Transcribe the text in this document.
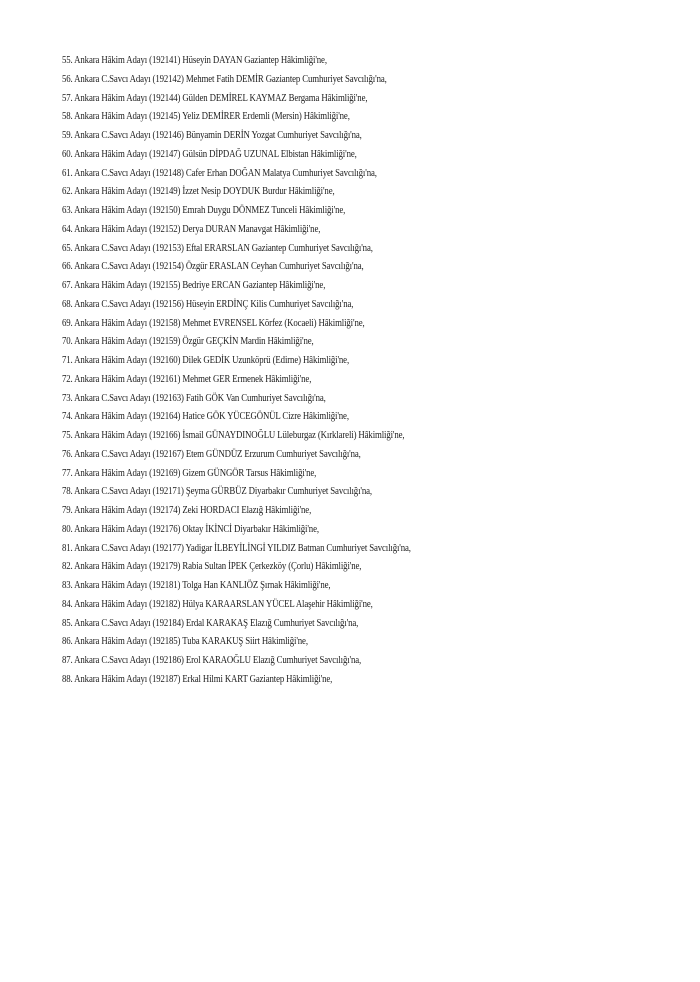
55. Ankara Hâkim Adayı (192141) Hüseyin DAYAN Gaziantep Hâkimliği'ne,
56. Ankara C.Savcı Adayı (192142) Mehmet Fatih DEMİR Gaziantep Cumhuriyet Savcılığı'na,
57. Ankara Hâkim Adayı (192144) Gülden DEMİREL KAYMAZ Bergama Hâkimliği'ne,
58. Ankara Hâkim Adayı (192145) Yeliz DEMİRER Erdemli (Mersin) Hâkimliği'ne,
59. Ankara C.Savcı Adayı (192146) Bünyamin DERİN Yozgat Cumhuriyet Savcılığı'na,
60. Ankara Hâkim Adayı (192147) Gülsün DİPDAĞ UZUNAL Elbistan Hâkimliği'ne,
61. Ankara C.Savcı Adayı (192148) Cafer Erhan DOĞAN Malatya Cumhuriyet Savcılığı'na,
62. Ankara Hâkim Adayı (192149) İzzet Nesip DOYDUK Burdur Hâkimliği'ne,
63. Ankara Hâkim Adayı (192150) Emrah Duygu DÖNMEZ Tunceli Hâkimliği'ne,
64. Ankara Hâkim Adayı (192152) Derya DURAN Manavgat Hâkimliği'ne,
65. Ankara C.Savcı Adayı (192153) Eftal ERARSLAN Gaziantep Cumhuriyet Savcılığı'na,
66. Ankara C.Savcı Adayı (192154) Özgür ERASLAN Ceyhan Cumhuriyet Savcılığı'na,
67. Ankara Hâkim Adayı (192155) Bedriye ERCAN Gaziantep Hâkimliği'ne,
68. Ankara C.Savcı Adayı (192156) Hüseyin ERDİNÇ Kilis Cumhuriyet Savcılığı'na,
69. Ankara Hâkim Adayı (192158) Mehmet EVRENSEL Körfez (Kocaeli) Hâkimliği'ne,
70. Ankara Hâkim Adayı (192159) Özgür GEÇKİN Mardin Hâkimliği'ne,
71. Ankara Hâkim Adayı (192160) Dilek GEDİK Uzunköprü (Edirne) Hâkimliği'ne,
72. Ankara Hâkim Adayı (192161) Mehmet GER Ermenek Hâkimliği'ne,
73. Ankara C.Savcı Adayı (192163) Fatih GÖK Van Cumhuriyet Savcılığı'na,
74. Ankara Hâkim Adayı (192164) Hatice GÖK YÜCEGÖNÜL Cizre Hâkimliği'ne,
75. Ankara Hâkim Adayı (192166) İsmail GÜNAYDINOĞLU Lüleburgaz (Kırklareli) Hâkimliği'ne,
76. Ankara C.Savcı Adayı (192167) Etem GÜNDÜZ Erzurum Cumhuriyet Savcılığı'na,
77. Ankara Hâkim Adayı (192169) Gizem GÜNGÖR Tarsus Hâkimliği'ne,
78. Ankara C.Savcı Adayı (192171) Şeyma GÜRBÜZ Diyarbakır Cumhuriyet Savcılığı'na,
79. Ankara Hâkim Adayı (192174) Zeki HORDACI Elazığ Hâkimliği'ne,
80. Ankara Hâkim Adayı (192176) Oktay İKİNCİ Diyarbakır Hâkimliği'ne,
81. Ankara C.Savcı Adayı (192177) Yadigar İLBEYİLİNGİ YILDIZ Batman Cumhuriyet Savcılığı'na,
82. Ankara Hâkim Adayı (192179) Rabia Sultan İPEK Çerkezköy (Çorlu) Hâkimliği'ne,
83. Ankara Hâkim Adayı (192181) Tolga Han KANLIÖZ Şırnak Hâkimliği'ne,
84. Ankara Hâkim Adayı (192182) Hülya KARAARSLAN YÜCEL Alaşehir Hâkimliği'ne,
85. Ankara C.Savcı Adayı (192184) Erdal KARAKAŞ Elazığ Cumhuriyet Savcılığı'na,
86. Ankara Hâkim Adayı (192185) Tuba KARAKUŞ Siirt Hâkimliği'ne,
87. Ankara C.Savcı Adayı (192186) Erol KARAOĞLU Elazığ Cumhuriyet Savcılığı'na,
88. Ankara Hâkim Adayı (192187) Erkal Hilmi KART Gaziantep Hâkimliği'ne,
